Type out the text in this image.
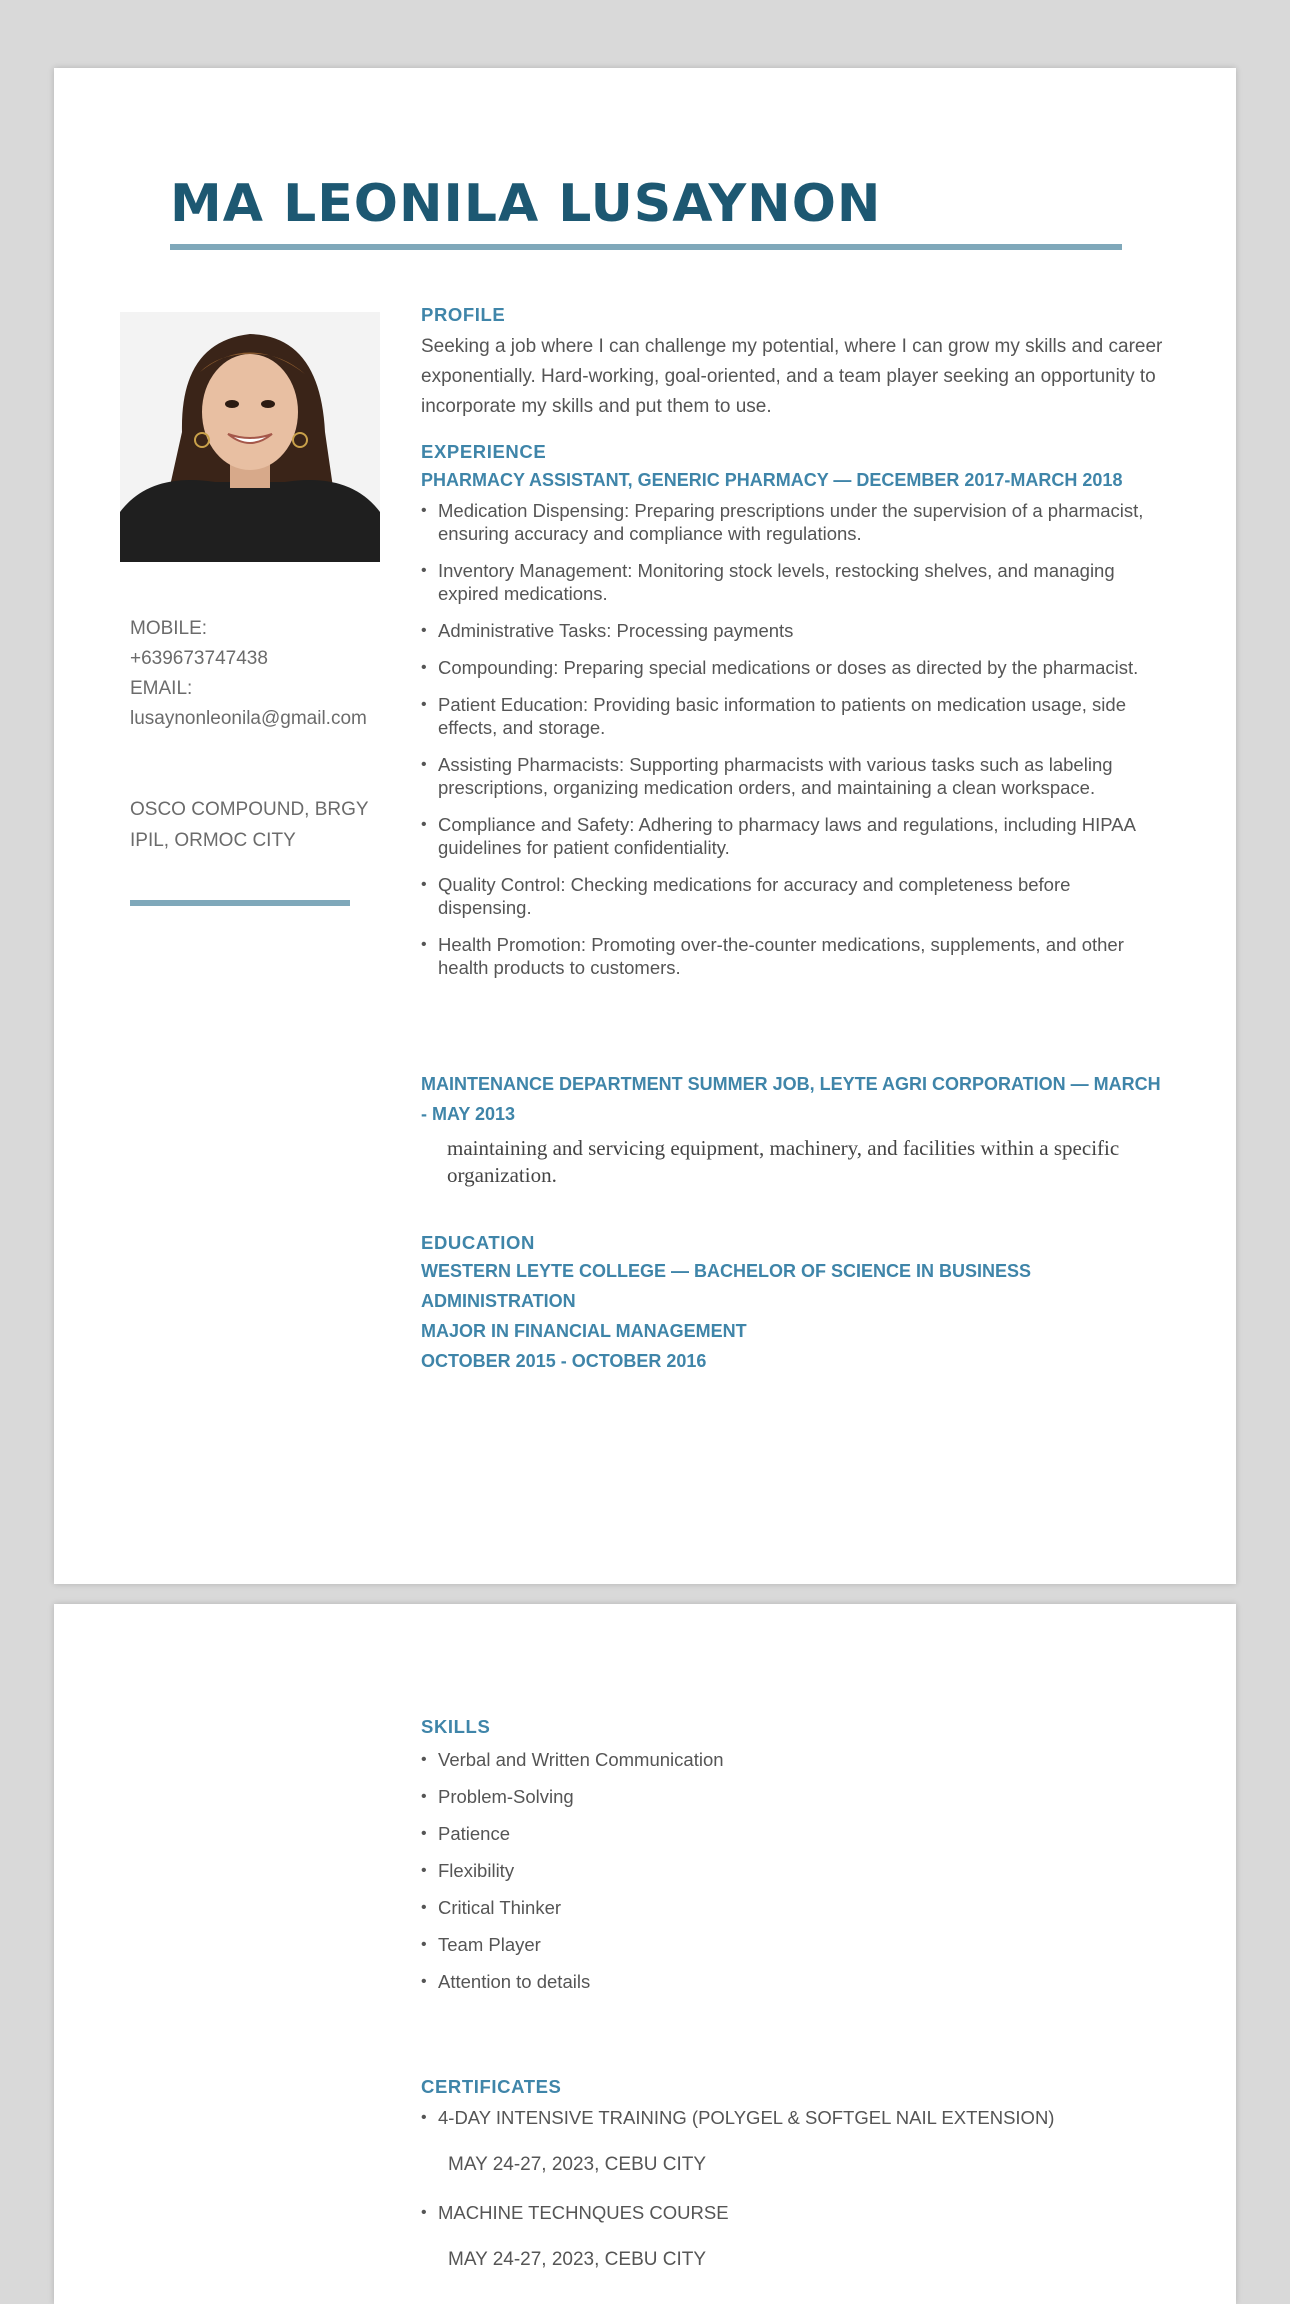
MA LEONILA LUSAYNON
MOBILE:
+639673747438
EMAIL:
lusaynonleonila@gmail.com
OSCO COMPOUND, BRGY
IPIL, ORMOC CITY
PROFILE

Seeking a job where I can challenge my potential, where I can grow my skills and career exponentially. Hard-working, goal-oriented, and a team player seeking an opportunity to incorporate my skills and put them to use.

EXPERIENCE

PHARMACY ASSISTANT, GENERIC PHARMACY — DECEMBER 2017-MARCH 2018

• Medication Dispensing: Preparing prescriptions under the supervision of a pharmacist, ensuring accuracy and compliance with regulations.
• Inventory Management: Monitoring stock levels, restocking shelves, and managing expired medications.
• Administrative Tasks: Processing payments
• Compounding: Preparing special medications or doses as directed by the pharmacist.
• Patient Education: Providing basic information to patients on medication usage, side effects, and storage.
• Assisting Pharmacists: Supporting pharmacists with various tasks such as labeling prescriptions, organizing medication orders, and maintaining a clean workspace.
• Compliance and Safety: Adhering to pharmacy laws and regulations, including HIPAA guidelines for patient confidentiality.
• Quality Control: Checking medications for accuracy and completeness before dispensing.
• Health Promotion: Promoting over-the-counter medications, supplements, and other health products to customers.

MAINTENANCE DEPARTMENT SUMMER JOB, LEYTE AGRI CORPORATION — MARCH - MAY 2013

maintaining and servicing equipment, machinery, and facilities within a specific organization.

EDUCATION

WESTERN LEYTE COLLEGE — BACHELOR OF SCIENCE IN BUSINESS ADMINISTRATION

MAJOR IN FINANCIAL MANAGEMENT

OCTOBER 2015 - OCTOBER 2016

SKILLS
• Verbal and Written Communication
• Problem-Solving
• Patience
• Flexibility
• Critical Thinker
• Team Player
• Attention to details
CERTIFICATES
• 4-DAY INTENSIVE TRAINING (POLYGEL & SOFTGEL NAIL EXTENSION)

MAY 24-27, 2023, CEBU CITY

• MACHINE TECHNQUES COURSE

MAY 24-27, 2023, CEBU CITY
